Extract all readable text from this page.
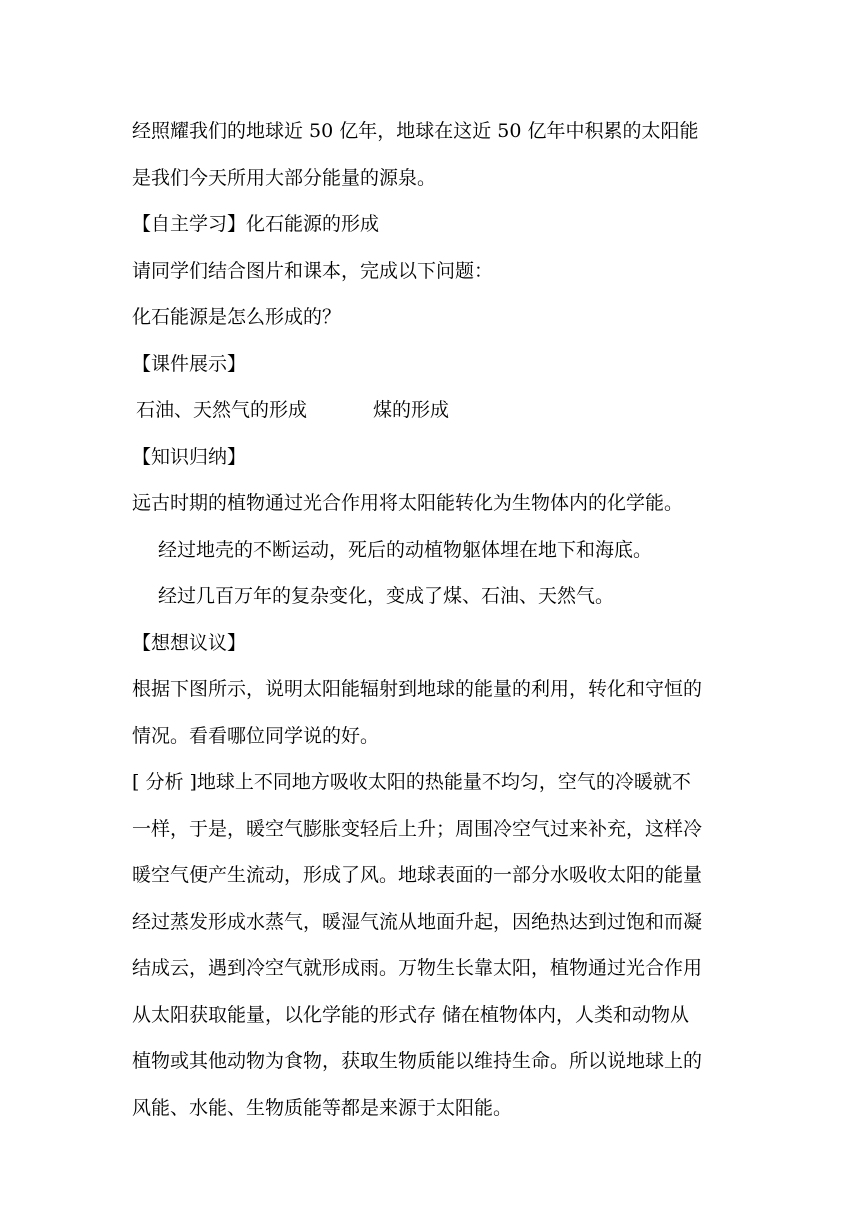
经照耀我们的地球近 50 亿年，地球在这近 50 亿年中积累的太阳能
是我们今天所用大部分能量的源泉。
【自主学习】化石能源的形成
请同学们结合图片和课本，完成以下问题：
化石能源是怎么形成的？
【课件展示】
石油、天然气的形成	煤的形成
【知识归纳】
远古时期的植物通过光合作用将太阳能转化为生物体内的化学能。
经过地壳的不断运动，死后的动植物躯体埋在地下和海底。
经过几百万年的复杂变化，变成了煤、石油、天然气。
【想想议议】
根据下图所示，说明太阳能辐射到地球的能量的利用，转化和守恒的
情况。看看哪位同学说的好。
[ 分析 ]地球上不同地方吸收太阳的热能量不均匀，空气的冷暖就不
一样，于是，暖空气膨胀变轻后上升；周围冷空气过来补充，这样冷
暖空气便产生流动，形成了风。地球表面的一部分水吸收太阳的能量
经过蒸发形成水蒸气，暖湿气流从地面升起，因绝热达到过饱和而凝
结成云，遇到冷空气就形成雨。万物生长靠太阳，植物通过光合作用
从太阳获取能量，以化学能的形式存 储在植物体内，人类和动物从
植物或其他动物为食物，获取生物质能以维持生命。所以说地球上的
风能、水能、生物质能等都是来源于太阳能。
